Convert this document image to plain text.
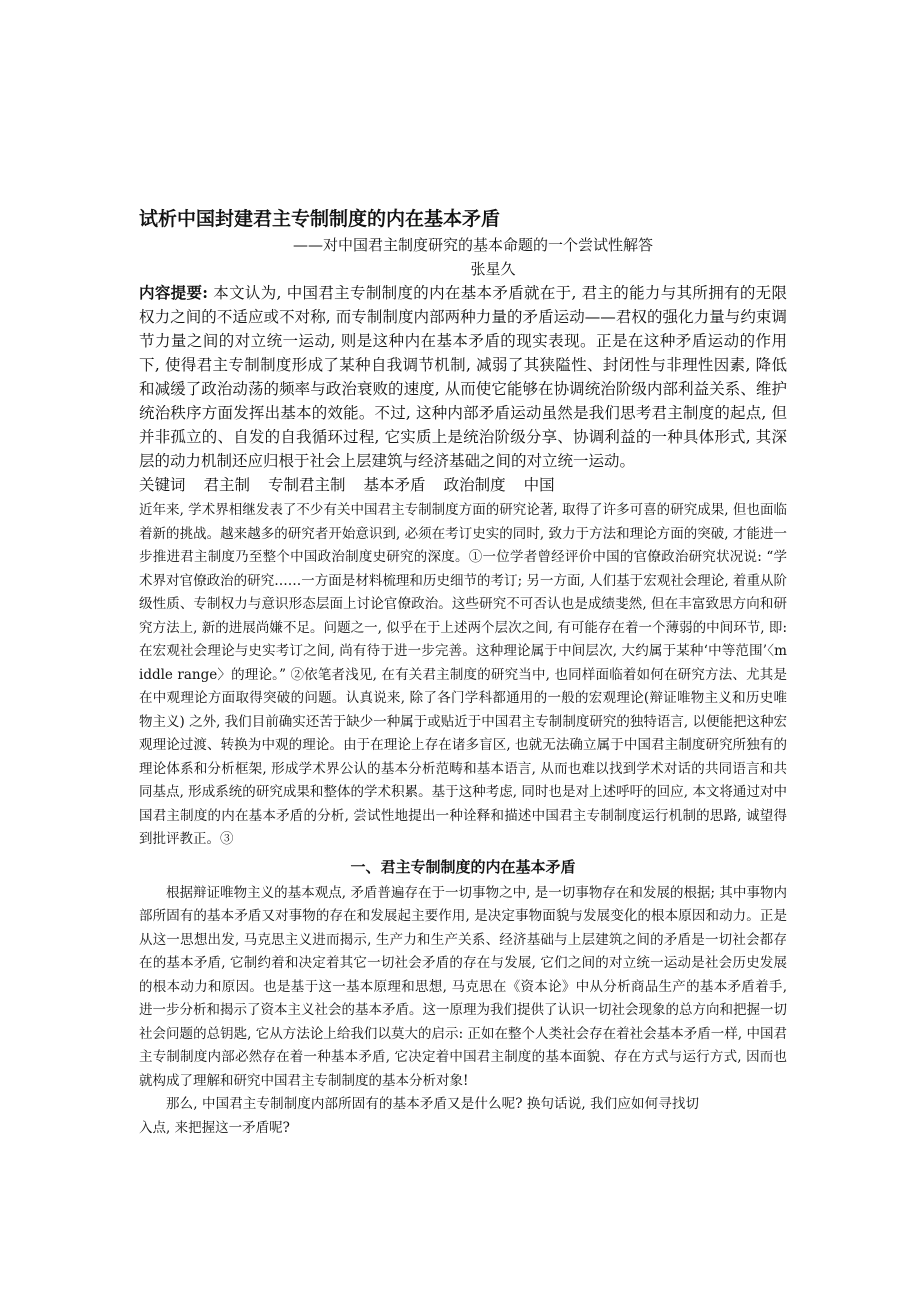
试析中国封建君主专制制度的内在基本矛盾
——对中国君主制度研究的基本命题的一个尝试性解答
张星久

内容提要: 本文认为, 中国君主专制制度的内在基本矛盾就在于, 君主的能力与其所拥有的无限权力之间的不适应或不对称, 而专制制度内部两种力量的矛盾运动——君权的强化力量与约束调节力量之间的对立统一运动, 则是这种内在基本矛盾的现实表现。正是在这种矛盾运动的作用下, 使得君主专制制度形成了某种自我调节机制, 减弱了其狭隘性、封闭性与非理性因素, 降低和减缓了政治动荡的频率与政治衰败的速度, 从而使它能够在协调统治阶级内部利益关系、维护统治秩序方面发挥出基本的效能。不过, 这种内部矛盾运动虽然是我们思考君主制度的起点, 但并非孤立的、自发的自我循环过程, 它实质上是统治阶级分享、协调利益的一种具体形式, 其深层的动力机制还应归根于社会上层建筑与经济基础之间的对立统一运动。

关键词 君主制 专制君主制 基本矛盾 政治制度 中国

近年来, 学术界相继发表了不少有关中国君主专制制度方面的研究论著, 取得了许多可喜的研究成果, 但也面临着新的挑战。越来越多的研究者开始意识到, 必须在考订史实的同时, 致力于方法和理论方面的突破, 才能进一步推进君主制度乃至整个中国政治制度史研究的深度。①一位学者曾经评价中国的官僚政治研究状况说: “学术界对官僚政治的研究……一方面是材料梳理和历史细节的考订; 另一方面, 人们基于宏观社会理论, 着重从阶级性质、专制权力与意识形态层面上讨论官僚政治。这些研究不可否认也是成绩斐然, 但在丰富致思方向和研究方法上, 新的进展尚嫌不足。问题之一, 似乎在于上述两个层次之间, 有可能存在着一个薄弱的中间环节, 即: 在宏观社会理论与史实考订之间, 尚有待于进一步完善。这种理论属于中间层次, 大约属于某种‘中等范围’〈m iddle range〉的理论。” ②依笔者浅见, 在有关君主制度的研究当中, 也同样面临着如何在研究方法、尤其是在中观理论方面取得突破的问题。认真说来, 除了各门学科都通用的一般的宏观理论(辩证唯物主义和历史唯物主义) 之外, 我们目前确实还苦于缺少一种属于或贴近于中国君主专制制度研究的独特语言, 以便能把这种宏观理论过渡、转换为中观的理论。由于在理论上存在诸多盲区, 也就无法确立属于中国君主制度研究所独有的理论体系和分析框架, 形成学术界公认的基本分析范畴和基本语言, 从而也难以找到学术对话的共同语言和共同基点, 形成系统的研究成果和整体的学术积累。基于这种考虑, 同时也是对上述呼吁的回应, 本文将通过对中国君主制度的内在基本矛盾的分析, 尝试性地提出一种诠释和描述中国君主专制制度运行机制的思路, 诚望得到批评教正。③

一、君主专制制度的内在基本矛盾

根据辩证唯物主义的基本观点, 矛盾普遍存在于一切事物之中, 是一切事物存在和发展的根据; 其中事物内部所固有的基本矛盾又对事物的存在和发展起主要作用, 是决定事物面貌与发展变化的根本原因和动力。正是从这一思想出发, 马克思主义进而揭示, 生产力和生产关系、经济基础与上层建筑之间的矛盾是一切社会都存在的基本矛盾, 它制约着和决定着其它一切社会矛盾的存在与发展, 它们之间的对立统一运动是社会历史发展的根本动力和原因。也是基于这一基本原理和思想, 马克思在《资本论》中从分析商品生产的基本矛盾着手, 进一步分析和揭示了资本主义社会的基本矛盾。这一原理为我们提供了认识一切社会现象的总方向和把握一切社会问题的总钥匙, 它从方法论上给我们以莫大的启示: 正如在整个人类社会存在着社会基本矛盾一样, 中国君主专制制度内部必然存在着一种基本矛盾, 它决定着中国君主制度的基本面貌、存在方式与运行方式, 因而也就构成了理解和研究中国君主专制制度的基本分析对象!

那么, 中国君主专制制度内部所固有的基本矛盾又是什么呢? 换句话说, 我们应如何寻找切入点, 来把握这一矛盾呢?
